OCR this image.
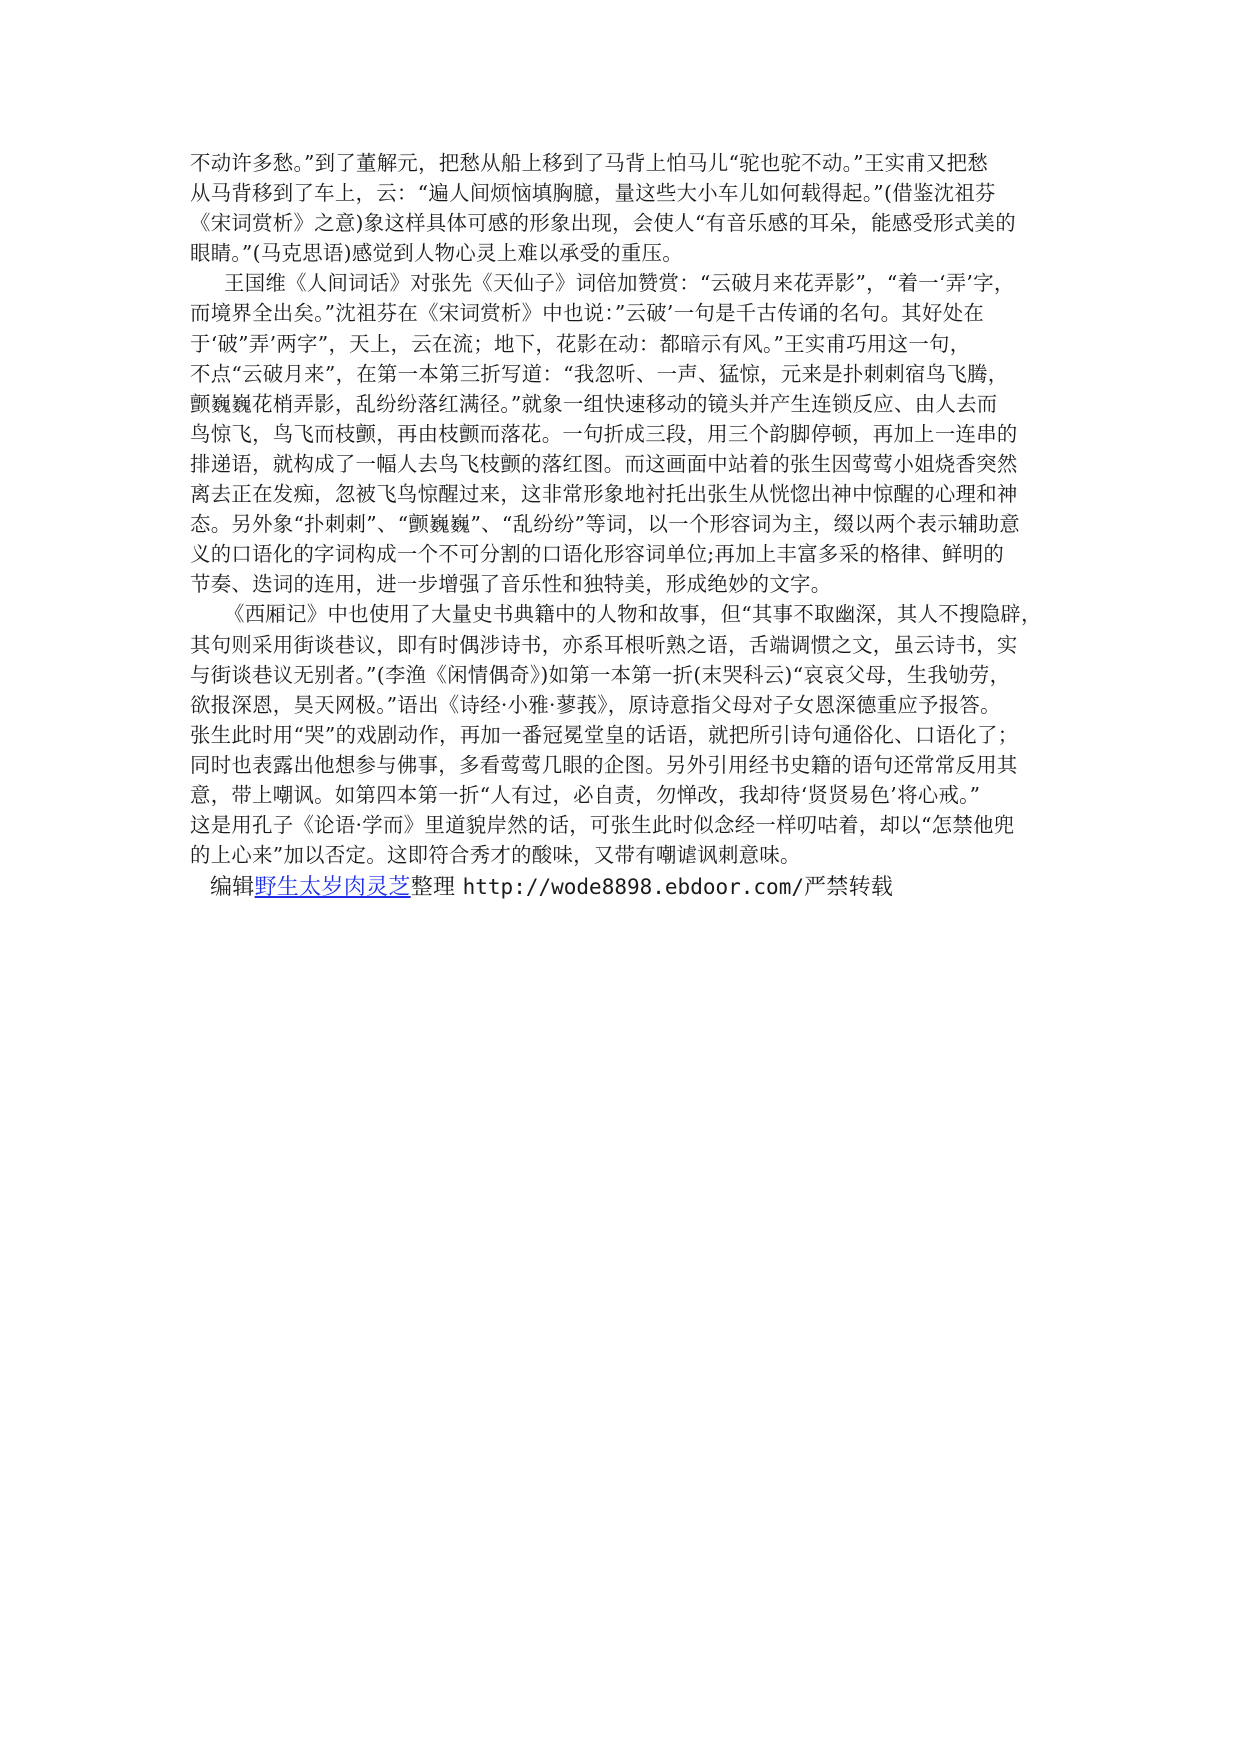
不动许多愁。”到了董解元，把愁从船上移到了马背上怕马儿“驼也驼不动。”王实甫又把愁
从马背移到了车上，云：“遍人间烦恼填胸臆，量这些大小车儿如何载得起。”(借鉴沈祖芬
《宋词赏析》之意)象这样具体可感的形象出现，会使人“有音乐感的耳朵，能感受形式美的
眼睛。”(马克思语)感觉到人物心灵上难以承受的重压。
王国维《人间词话》对张先《天仙子》词倍加赞赏：“云破月来花弄影”，“着一‘弄’字，
而境界全出矣。”沈祖芬在《宋词赏析》中也说：”云破’一句是千古传诵的名句。其好处在
于‘破”弄’两字”，天上，云在流；地下，花影在动：都暗示有风。”王实甫巧用这一句，
不点“云破月来”，在第一本第三折写道：“我忽听、一声、猛惊，元来是扑刺刺宿鸟飞腾，
颤巍巍花梢弄影，乱纷纷落红满径。”就象一组快速移动的镜头并产生连锁反应、由人去而
鸟惊飞，鸟飞而枝颤，再由枝颤而落花。一句折成三段，用三个韵脚停顿，再加上一连串的
排递语，就构成了一幅人去鸟飞枝颤的落红图。而这画面中站着的张生因莺莺小姐烧香突然
离去正在发痴，忽被飞鸟惊醒过来，这非常形象地衬托出张生从恍惚出神中惊醒的心理和神
态。另外象“扑刺刺”、“颤巍巍”、“乱纷纷”等词，以一个形容词为主，缀以两个表示辅助意
义的口语化的字词构成一个不可分割的口语化形容词单位;再加上丰富多采的格律、鲜明的
节奏、迭词的连用，进一步增强了音乐性和独特美，形成绝妙的文字。
《西厢记》中也使用了大量史书典籍中的人物和故事，但“其事不取幽深，其人不搜隐辟，
其句则采用街谈巷议，即有时偶涉诗书，亦系耳根听熟之语，舌端调惯之文，虽云诗书，实
与街谈巷议无别者。”(李渔《闲情偶奇》)如第一本第一折(末哭科云)“哀哀父母，生我劬劳，
欲报深恩，昊天网极。”语出《诗经·小雅·蓼莪》，原诗意指父母对子女恩深德重应予报答。
张生此时用“哭”的戏剧动作，再加一番冠冕堂皇的话语，就把所引诗句通俗化、口语化了；
同时也表露出他想参与佛事，多看莺莺几眼的企图。另外引用经书史籍的语句还常常反用其
意，带上嘲讽。如第四本第一折“人有过，必自责，勿惮改，我却待‘贤贤易色’将心戒。”
这是用孔子《论语·学而》里道貌岸然的话，可张生此时似念经一样叨咕着，却以“怎禁他兜
的上心来”加以否定。这即符合秀才的酸味，又带有嘲谑讽刺意味。
编辑野生太岁肉灵芝整理 http://wode8898.ebdoor.com/严禁转载
